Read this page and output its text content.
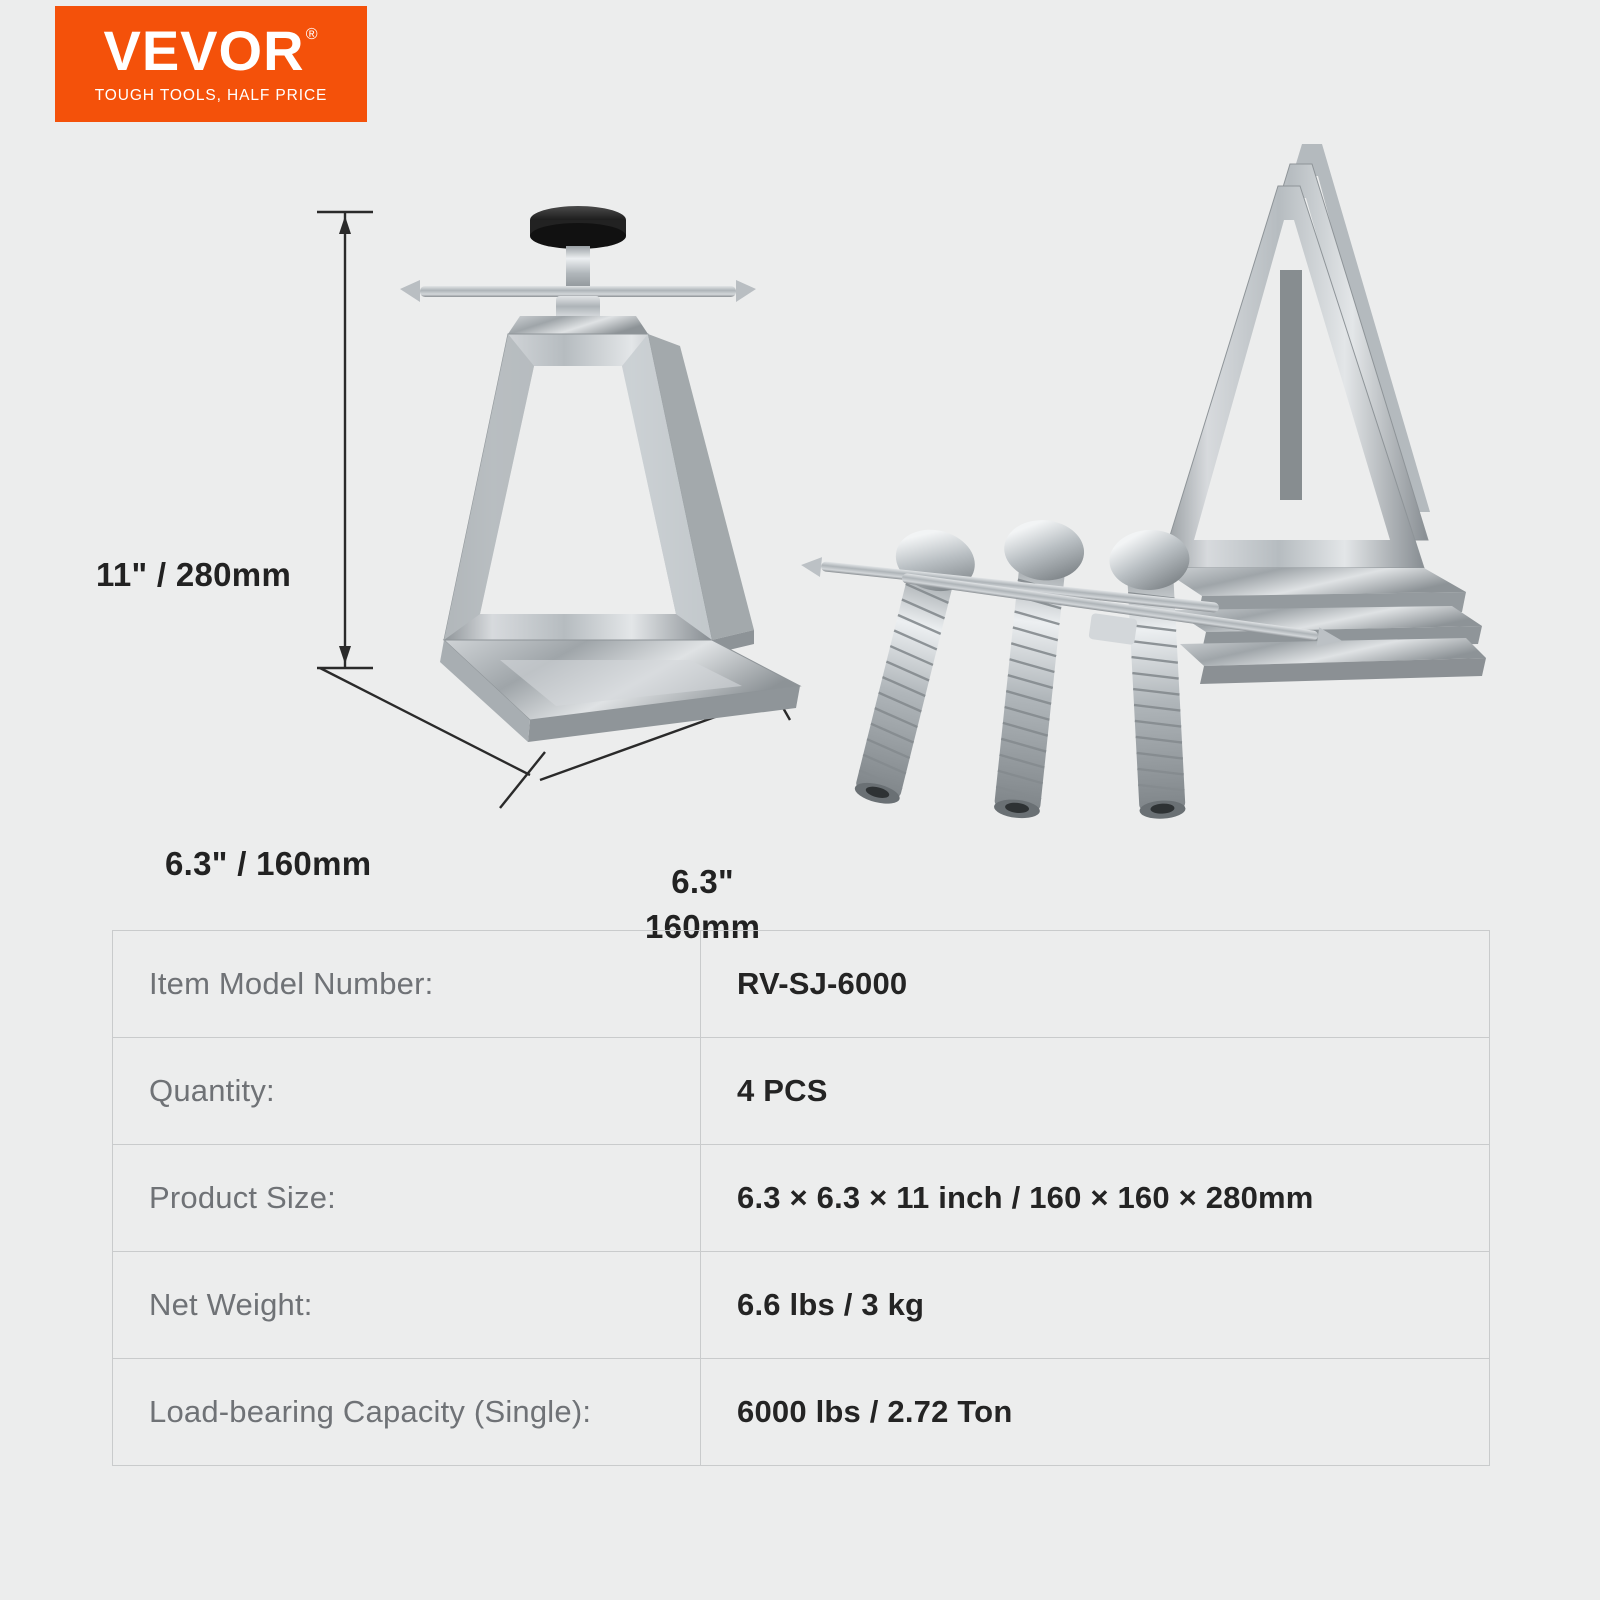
VEVOR ®
TOUGH TOOLS, HALF PRICE
11" / 280mm
6.3" / 160mm	6.3"
160mm
Item Model Number:	RV-SJ-6000
Quantity:	4 PCS
Product Size:	6.3 × 6.3 × 11 inch / 160 × 160 × 280mm
Net Weight:	6.6 lbs / 3 kg
Load-bearing Capacity (Single):	6000 lbs / 2.72 Ton
